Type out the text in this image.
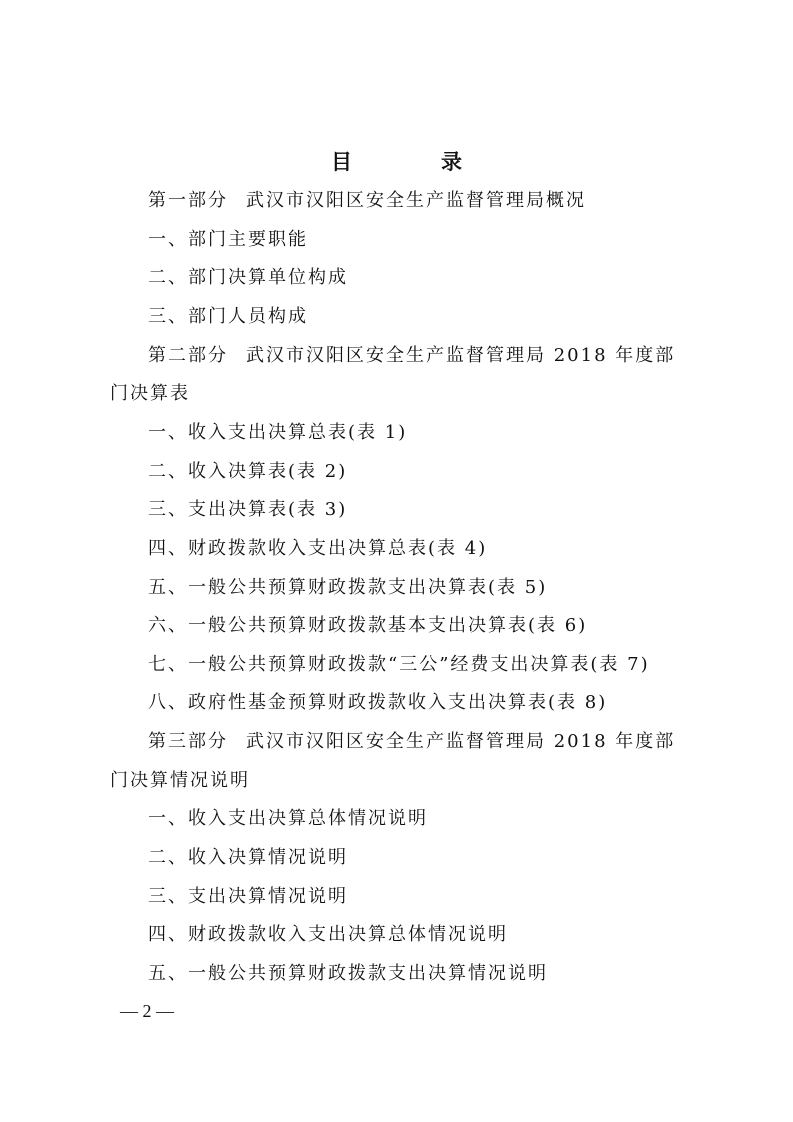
目　录
第一部分 武汉市汉阳区安全生产监督管理局概况
一、部门主要职能
二、部门决算单位构成
三、部门人员构成
第二部分 武汉市汉阳区安全生产监督管理局 2018 年度部
门决算表
一、收入支出决算总表(表 1)
二、收入决算表(表 2)
三、支出决算表(表 3)
四、财政拨款收入支出决算总表(表 4)
五、一般公共预算财政拨款支出决算表(表 5)
六、一般公共预算财政拨款基本支出决算表(表 6)
七、一般公共预算财政拨款“三公”经费支出决算表(表 7)
八、政府性基金预算财政拨款收入支出决算表(表 8)
第三部分 武汉市汉阳区安全生产监督管理局 2018 年度部
门决算情况说明
一、收入支出决算总体情况说明
二、收入决算情况说明
三、支出决算情况说明
四、财政拨款收入支出决算总体情况说明
五、一般公共预算财政拨款支出决算情况说明
— 2 —
